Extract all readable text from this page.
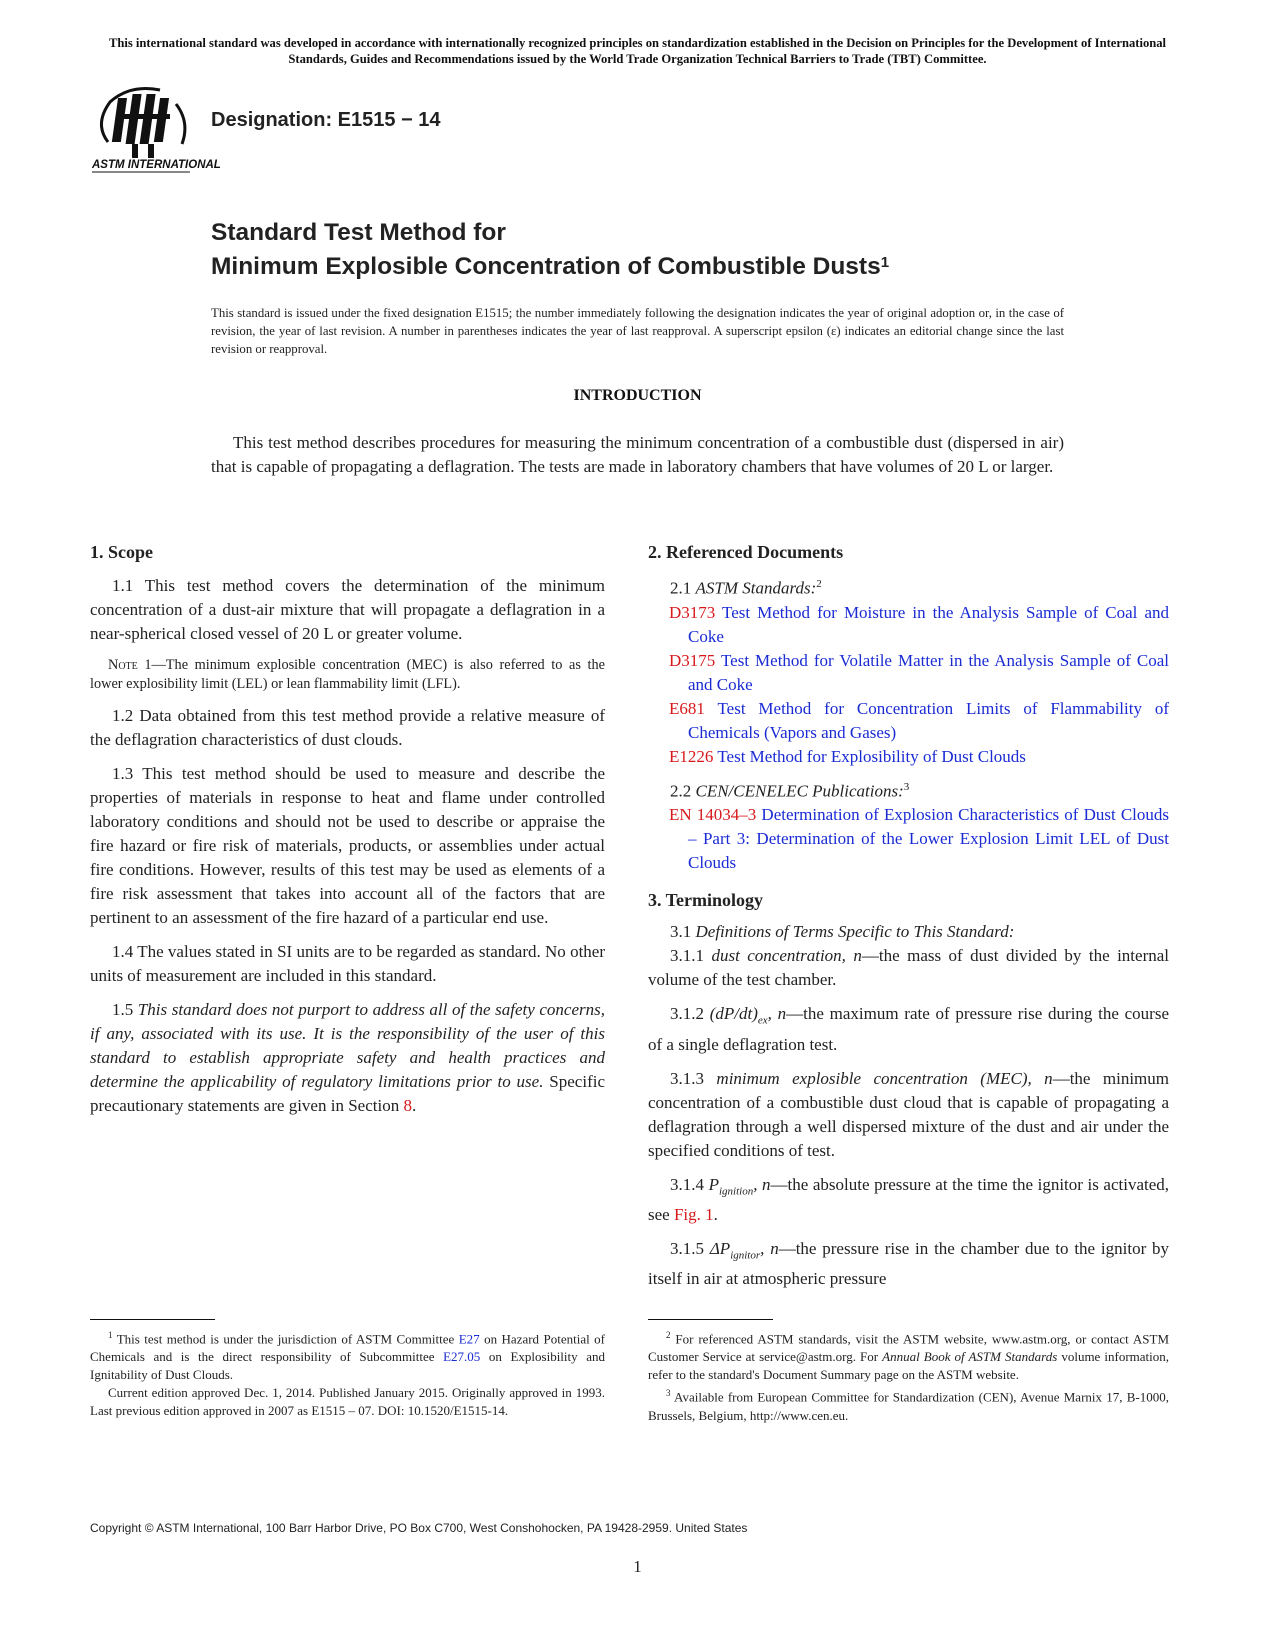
This international standard was developed in accordance with internationally recognized principles on standardization established in the Decision on Principles for the Development of International Standards, Guides and Recommendations issued by the World Trade Organization Technical Barriers to Trade (TBT) Committee.
ASTM INTERNATIONAL
Designation: E1515 − 14
Standard Test Method for
Minimum Explosible Concentration of Combustible Dusts$^1$
This standard is issued under the fixed designation E1515; the number immediately following the designation indicates the year of original adoption or, in the case of revision, the year of last revision. A number in parentheses indicates the year of last reapproval. A superscript epsilon (ε) indicates an editorial change since the last revision or reapproval.
INTRODUCTION
This test method describes procedures for measuring the minimum concentration of a combustible dust (dispersed in air) that is capable of propagating a deflagration. The tests are made in laboratory chambers that have volumes of 20 L or larger.
1. Scope

1.1 This test method covers the determination of the minimum concentration of a dust-air mixture that will propagate a deflagration in a near-spherical closed vessel of 20 L or greater volume.

Note 1—The minimum explosible concentration (MEC) is also referred to as the lower explosibility limit (LEL) or lean flammability limit (LFL).

1.2 Data obtained from this test method provide a relative measure of the deflagration characteristics of dust clouds.

1.3 This test method should be used to measure and describe the properties of materials in response to heat and flame under controlled laboratory conditions and should not be used to describe or appraise the fire hazard or fire risk of materials, products, or assemblies under actual fire conditions. However, results of this test may be used as elements of a fire risk assessment that takes into account all of the factors that are pertinent to an assessment of the fire hazard of a particular end use.

1.4 The values stated in SI units are to be regarded as standard. No other units of measurement are included in this standard.

1.5 This standard does not purport to address all of the safety concerns, if any, associated with its use. It is the responsibility of the user of this standard to establish appropriate safety and health practices and determine the applicability of regulatory limitations prior to use. Specific precautionary statements are given in Section 8.

2. Referenced Documents

2.1 ASTM Standards:$^2$

D3173 Test Method for Moisture in the Analysis Sample of Coal and Coke

D3175 Test Method for Volatile Matter in the Analysis Sample of Coal and Coke

E681 Test Method for Concentration Limits of Flammability of Chemicals (Vapors and Gases)

E1226 Test Method for Explosibility of Dust Clouds

2.2 CEN/CENELEC Publications:$^3$

EN 14034–3 Determination of Explosion Characteristics of Dust Clouds – Part 3: Determination of the Lower Explosion Limit LEL of Dust Clouds

3. Terminology

3.1 Definitions of Terms Specific to This Standard:

3.1.1 dust concentration, n—the mass of dust divided by the internal volume of the test chamber.

3.1.2 $(dP/dt)_{ex}$, n—the maximum rate of pressure rise during the course of a single deflagration test.

3.1.3 minimum explosible concentration (MEC), n—the minimum concentration of a combustible dust cloud that is capable of propagating a deflagration through a well dispersed mixture of the dust and air under the specified conditions of test.

3.1.4 $P_{ignition}$, n—the absolute pressure at the time the ignitor is activated, see Fig. 1.

3.1.5 $\Delta P_{ignitor}$, n—the pressure rise in the chamber due to the ignitor by itself in air at atmospheric pressure

$^1$ This test method is under the jurisdiction of ASTM Committee E27 on Hazard Potential of Chemicals and is the direct responsibility of Subcommittee E27.05 on Explosibility and Ignitability of Dust Clouds.

Current edition approved Dec. 1, 2014. Published January 2015. Originally approved in 1993. Last previous edition approved in 2007 as E1515 – 07. DOI: 10.1520/E1515-14.

$^2$ For referenced ASTM standards, visit the ASTM website, www.astm.org, or contact ASTM Customer Service at service@astm.org. For Annual Book of ASTM Standards volume information, refer to the standard's Document Summary page on the ASTM website.

$^3$ Available from European Committee for Standardization (CEN), Avenue Marnix 17, B-1000, Brussels, Belgium, http://www.cen.eu.

Copyright © ASTM International, 100 Barr Harbor Drive, PO Box C700, West Conshohocken, PA 19428-2959. United States
1
